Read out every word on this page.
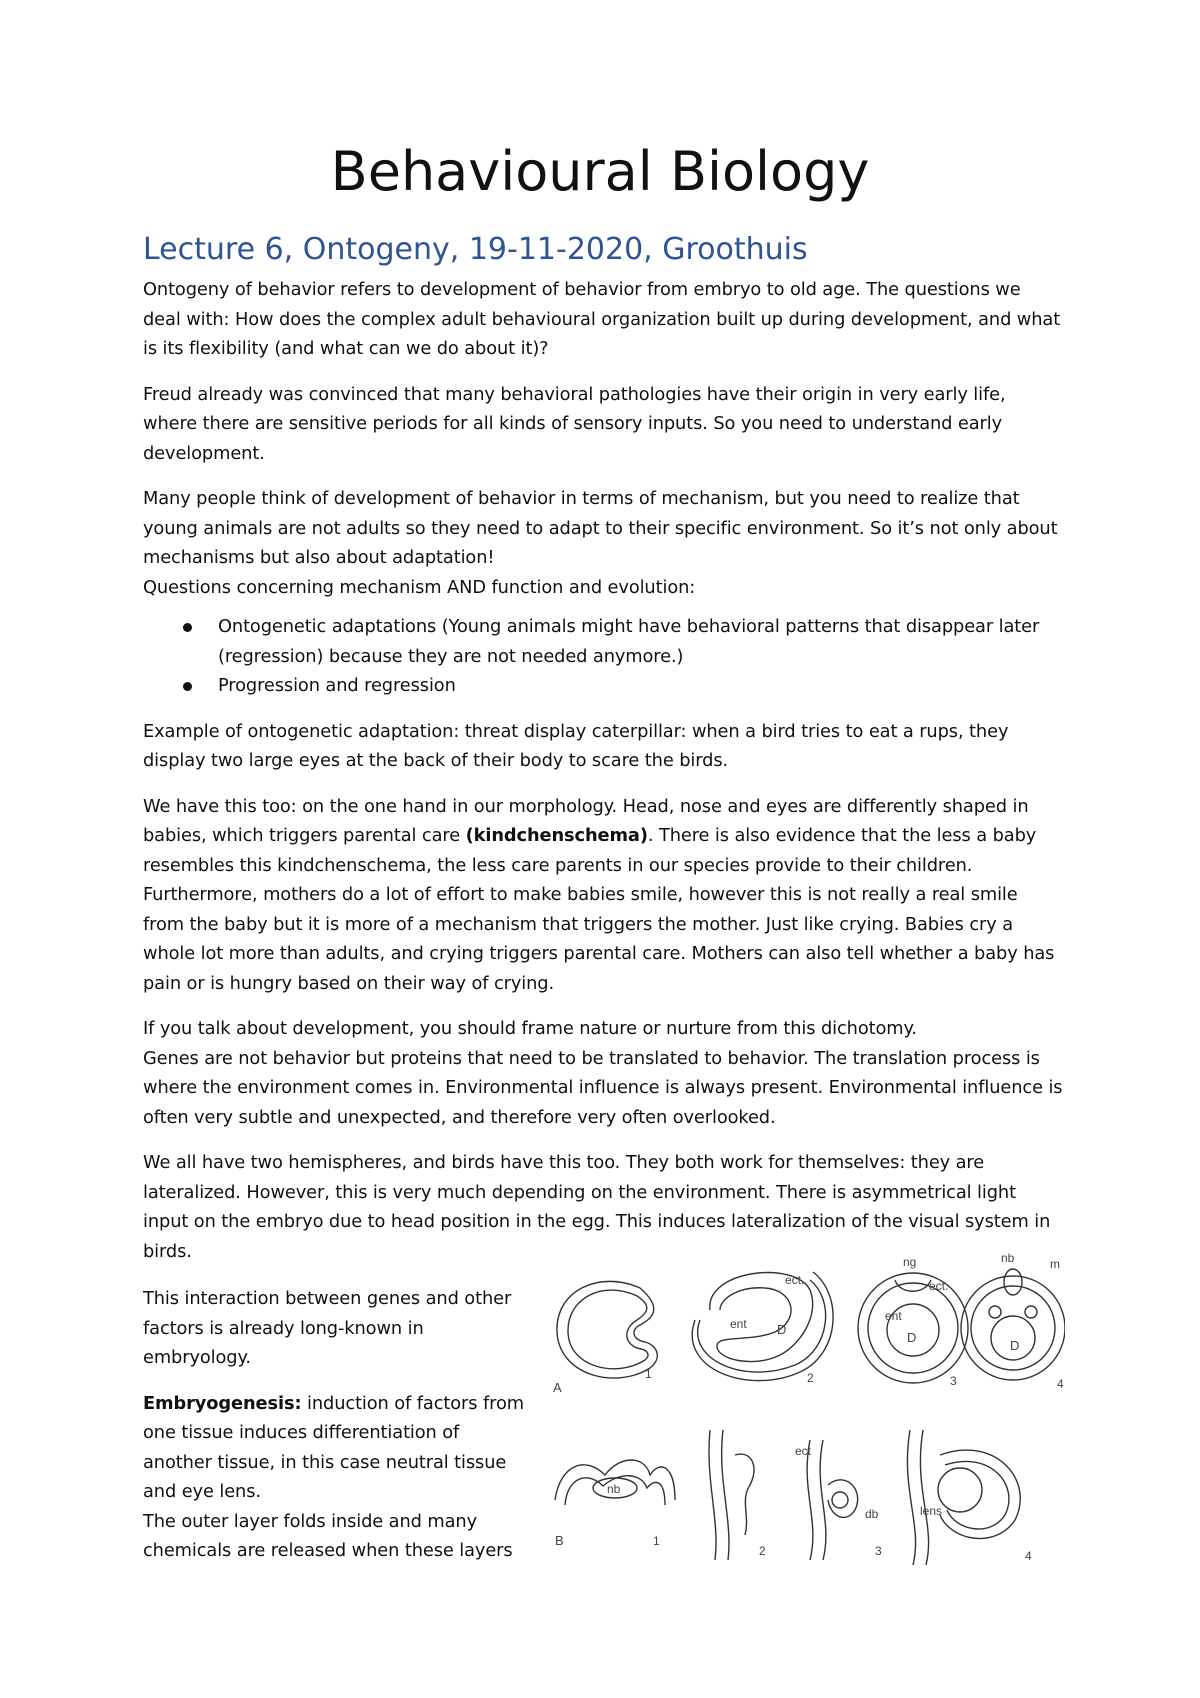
Behavioural Biology
Lecture 6, Ontogeny, 19-11-2020, Groothuis

Ontogeny of behavior refers to development of behavior from embryo to old age. The questions we deal with: How does the complex adult behavioural organization built up during development, and what is its flexibility (and what can we do about it)?

Freud already was convinced that many behavioral pathologies have their origin in very early life, where there are sensitive periods for all kinds of sensory inputs. So you need to understand early development.

Many people think of development of behavior in terms of mechanism, but you need to realize that young animals are not adults so they need to adapt to their specific environment. So it’s not only about mechanisms but also about adaptation!

Questions concerning mechanism AND function and evolution:

Ontogenetic adaptations (Young animals might have behavioral patterns that disappear later (regression) because they are not needed anymore.)
Progression and regression

Example of ontogenetic adaptation: threat display caterpillar: when a bird tries to eat a rups, they display two large eyes at the back of their body to scare the birds.

We have this too: on the one hand in our morphology. Head, nose and eyes are differently shaped in babies, which triggers parental care (kindchenschema). There is also evidence that the less a baby resembles this kindchenschema, the less care parents in our species provide to their children. Furthermore, mothers do a lot of effort to make babies smile, however this is not really a real smile from the baby but it is more of a mechanism that triggers the mother. Just like crying. Babies cry a whole lot more than adults, and crying triggers parental care. Mothers can also tell whether a baby has pain or is hungry based on their way of crying.

If you talk about development, you should frame nature or nurture from this dichotomy.

Genes are not behavior but proteins that need to be translated to behavior. The translation process is where the environment comes in. Environmental influence is always present. Environmental influence is often very subtle and unexpected, and therefore very often overlooked.

We all have two hemispheres, and birds have this too. They both work for themselves: they are lateralized. However, this is very much depending on the environment. There is asymmetrical light input on the embryo due to head position in the egg. This induces lateralization of the visual system in birds.

This interaction between genes and other factors is already long-known in embryology.

Embryogenesis: induction of factors from one tissue induces differentiation of another tissue, in this case neutral tissue and eye lens.

The outer layer folds inside and many chemicals are released when these layers

A
1	2	3	4
ect.
ent D
ng
ect.
ent
D
nb	m
D
B	1
nb
2
ect
db
3
lens
4
